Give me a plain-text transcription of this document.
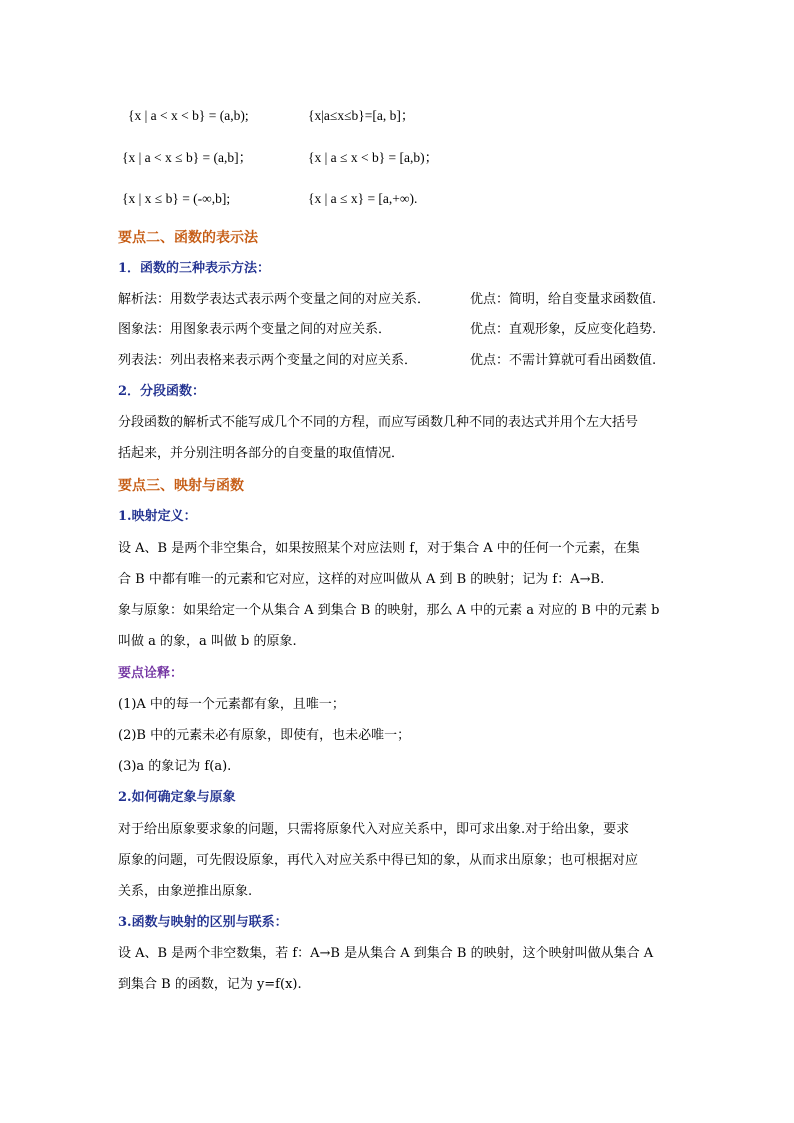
{x | a < x < b} = (a,b);	{x|a≤x≤b}=[a, b]；
{x | a < x ≤ b} = (a,b]；	{x | a ≤ x < b} = [a,b)；
{x | x ≤ b} = (-∞,b];	{x | a ≤ x} = [a,+∞).
要点二、函数的表示法
1．函数的三种表示方法：
解析法：用数学表达式表示两个变量之间的对应关系．	优点：简明，给自变量求函数值.
图象法：用图象表示两个变量之间的对应关系．	优点：直观形象，反应变化趋势.
列表法：列出表格来表示两个变量之间的对应关系．	优点：不需计算就可看出函数值.
2．分段函数：
分段函数的解析式不能写成几个不同的方程，而应写函数几种不同的表达式并用个左大括号
括起来，并分别注明各部分的自变量的取值情况．
要点三、映射与函数
1.映射定义：
设 A、B 是两个非空集合，如果按照某个对应法则 f，对于集合 A 中的任何一个元素，在集
合 B 中都有唯一的元素和它对应，这样的对应叫做从 A 到 B 的映射；记为 f：A→B.
象与原象：如果给定一个从集合 A 到集合 B 的映射，那么 A 中的元素 a 对应的 B 中的元素 b
叫做 a 的象，a 叫做 b 的原象.
要点诠释：
(1)A 中的每一个元素都有象，且唯一；
(2)B 中的元素未必有原象，即使有，也未必唯一；
(3)a 的象记为 f(a).
2.如何确定象与原象
对于给出原象要求象的问题，只需将原象代入对应关系中，即可求出象.对于给出象，要求
原象的问题，可先假设原象，再代入对应关系中得已知的象，从而求出原象；也可根据对应
关系，由象逆推出原象.
3.函数与映射的区别与联系：
设 A、B 是两个非空数集，若 f：A→B 是从集合 A 到集合 B 的映射，这个映射叫做从集合 A
到集合 B 的函数，记为 y=f(x).
